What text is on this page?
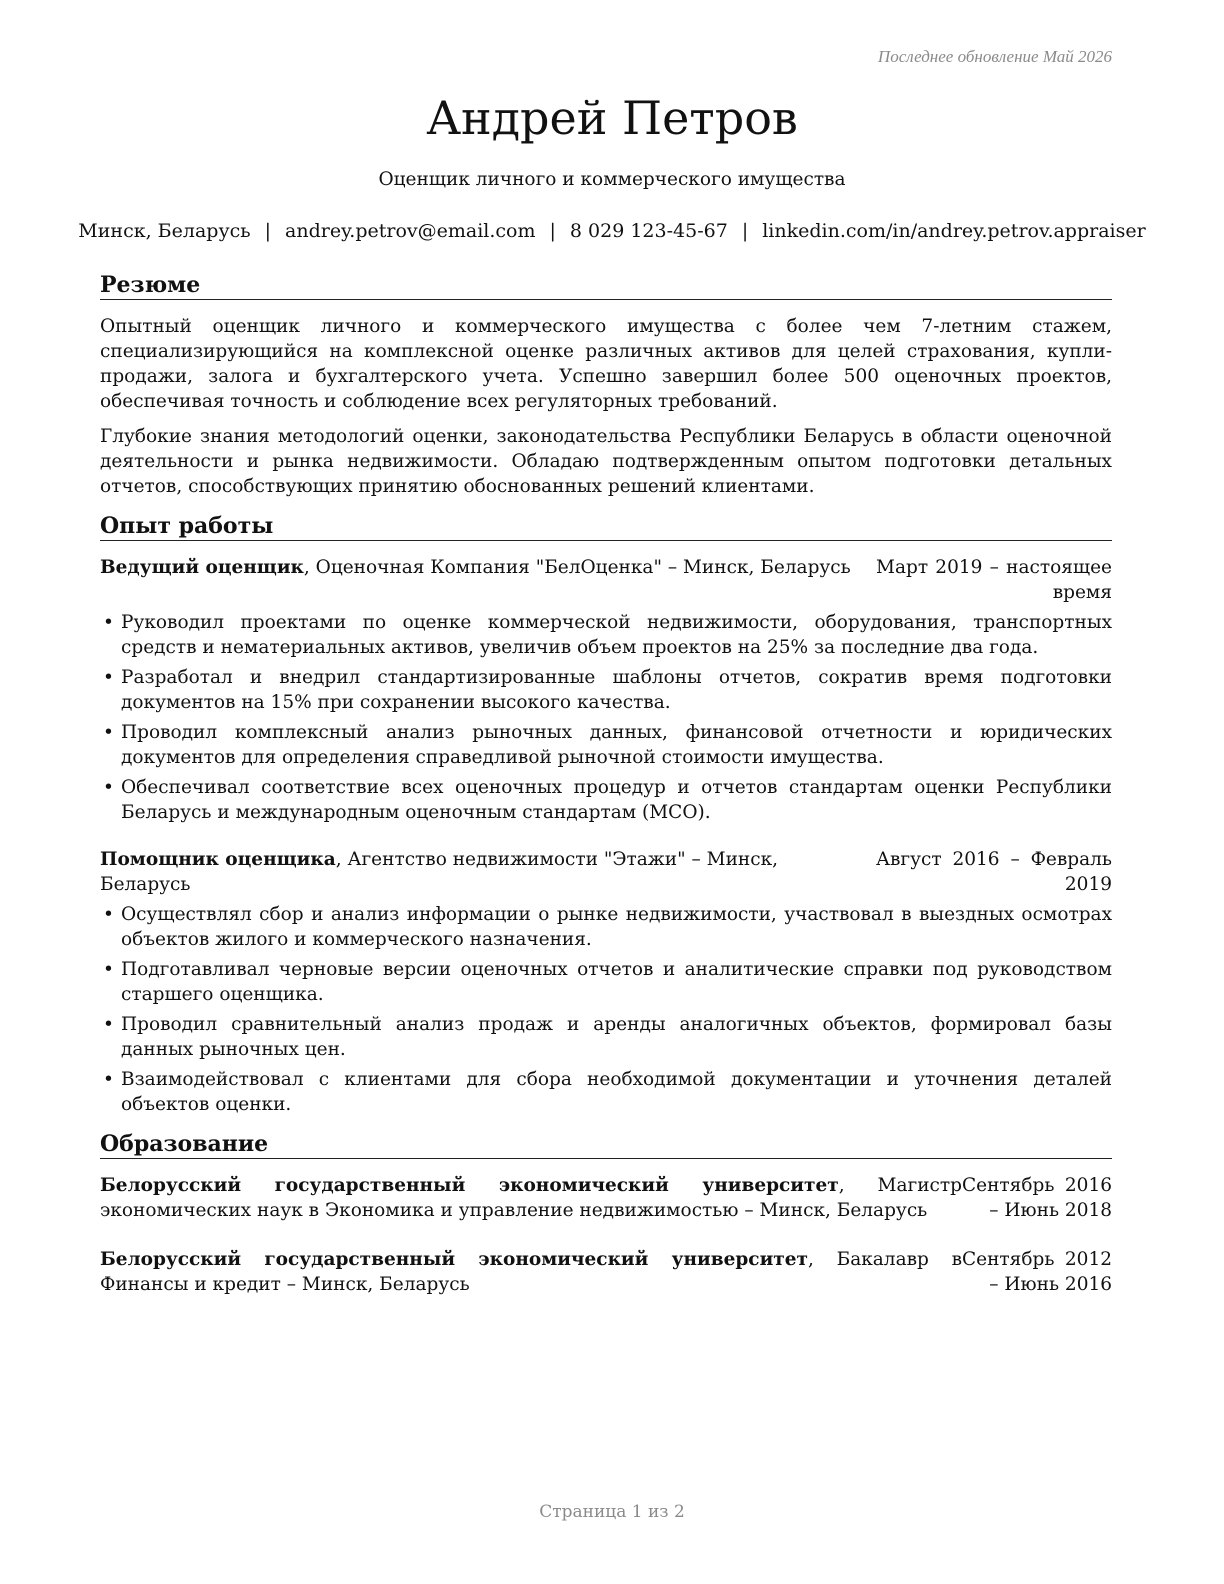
Последнее обновление Май 2026
Андрей Петров
Оценщик личного и коммерческого имущества
Минск, Беларусь | andrey.petrov@email.com | 8 029 123-45-67 | linkedin.com/in/andrey.petrov.appraiser
Резюме

Опытный оценщик личного и коммерческого имущества с более чем 7-летним стажем, специализирующийся на комплексной оценке различных активов для целей страхования, купли-продажи, залога и бухгалтерского учета. Успешно завершил более 500 оценочных проектов, обеспечивая точность и соблюдение всех регуляторных требований.

Глубокие знания методологий оценки, законодательства Республики Беларусь в области оценочной деятельности и рынка недвижимости. Обладаю подтвержденным опытом подготовки детальных отчетов, способствующих принятию обоснованных решений клиентами.

Опыт работы
Ведущий оценщик, Оценочная Компания "БелОценка" – Минск, Беларусь	Март 2019 – настоящее время
• Руководил проектами по оценке коммерческой недвижимости, оборудования, транспортных средств и нематериальных активов, увеличив объем проектов на 25% за последние два года.
• Разработал и внедрил стандартизированные шаблоны отчетов, сократив время подготовки документов на 15% при сохранении высокого качества.
• Проводил комплексный анализ рыночных данных, финансовой отчетности и юридических документов для определения справедливой рыночной стоимости имущества.
• Обеспечивал соответствие всех оценочных процедур и отчетов стандартам оценки Республики Беларусь и международным оценочным стандартам (МСО).
Помощник оценщика, Агентство недвижимости "Этажи" – Минск, Беларусь
Август 2016 – Февраль 2019
• Осуществлял сбор и анализ информации о рынке недвижимости, участвовал в выездных осмотрах объектов жилого и коммерческого назначения.
• Подготавливал черновые версии оценочных отчетов и аналитические справки под руководством старшего оценщика.
• Проводил сравнительный анализ продаж и аренды аналогичных объектов, формировал базы данных рыночных цен.
• Взаимодействовал с клиентами для сбора необходимой документации и уточнения деталей объектов оценки.
Образование
Белорусский государственный экономический университет, Магистр экономических наук в Экономика и управление недвижимостью – Минск, Беларусь
Сентябрь 2016 – Июнь 2018
Белорусский государственный экономический университет, Бакалавр в Финансы и кредит – Минск, Беларусь
Сентябрь 2012 – Июнь 2016
Страница 1 из 2
